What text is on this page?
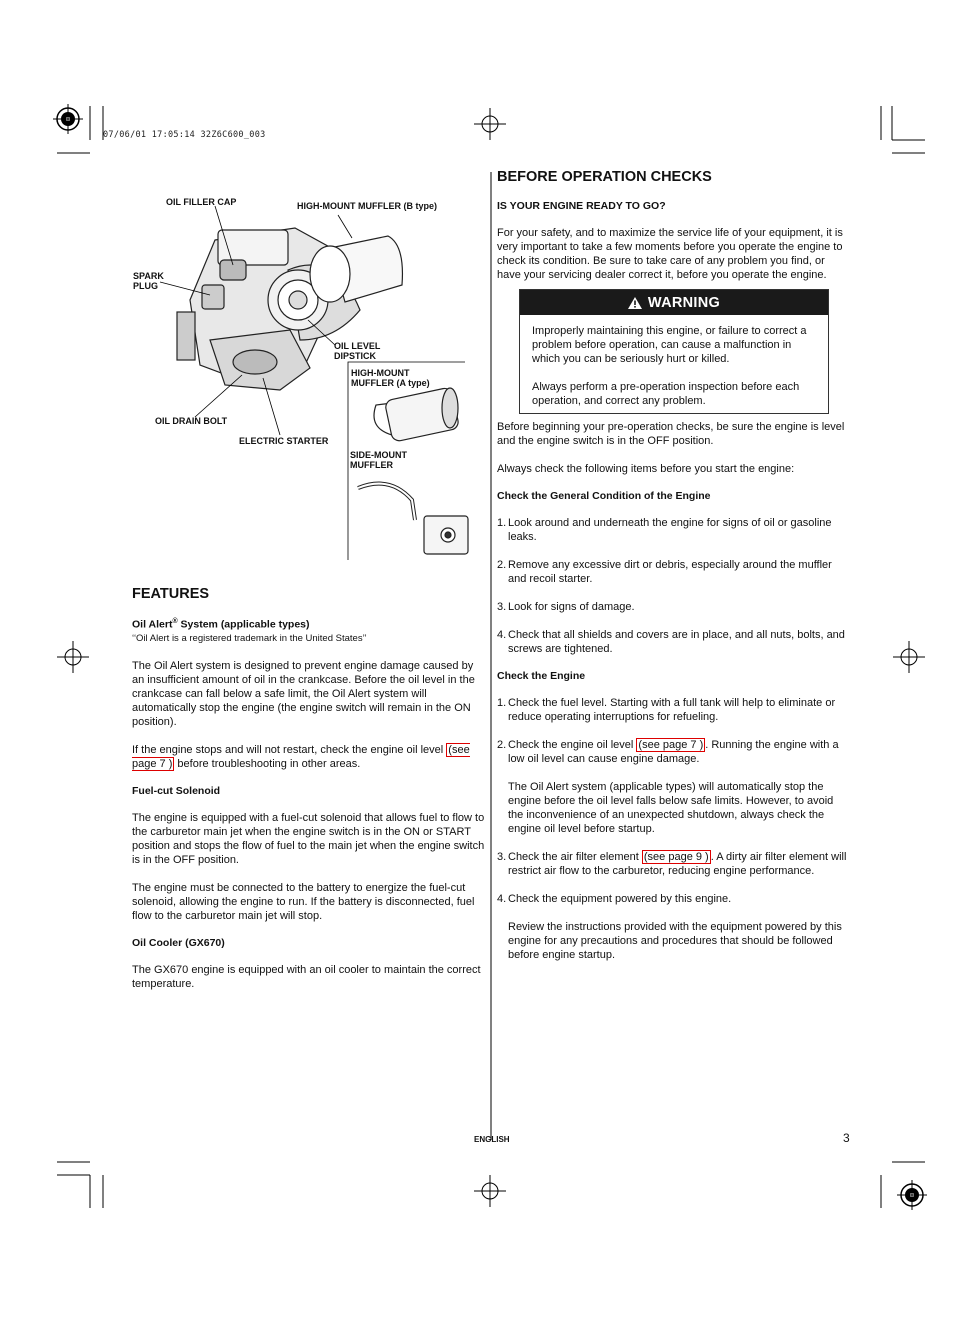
07/06/01 17:05:14 32Z6C600_003
OIL FILLER CAP	HIGH-MOUNT MUFFLER (B type)
SPARK
PLUG
OIL LEVEL
DIPSTICK
HIGH-MOUNT
MUFFLER (A type)
OIL DRAIN BOLT
ELECTRIC STARTER
SIDE-MOUNT
MUFFLER
FEATURES
Oil Alert® System (applicable types)
‘‘Oil Alert is a registered trademark in the United States’’
The Oil Alert system is designed to prevent engine damage caused by an insufficient amount of oil in the crankcase. Before the oil level in the crankcase can fall below a safe limit, the Oil Alert system will automatically stop the engine (the engine switch will remain in the ON position).
If the engine stops and will not restart, check the engine oil level (see page 7 ) before troubleshooting in other areas.
Fuel-cut Solenoid
The engine is equipped with a fuel-cut solenoid that allows fuel to flow to the carburetor main jet when the engine switch is in the ON or START position and stops the flow of fuel to the main jet when the engine switch is in the OFF position.
The engine must be connected to the battery to energize the fuel-cut solenoid, allowing the engine to run. If the battery is disconnected, fuel flow to the carburetor main jet will stop.
Oil Cooler (GX670)
The GX670 engine is equipped with an oil cooler to maintain the correct temperature.
BEFORE OPERATION CHECKS
IS YOUR ENGINE READY TO GO?
For your safety, and to maximize the service life of your equipment, it is very important to take a few moments before you operate the engine to check its condition. Be sure to take care of any problem you find, or have your servicing dealer correct it, before you operate the engine.
WARNING
Improperly maintaining this engine, or failure to correct a problem before operation, can cause a malfunction in which you can be seriously hurt or killed.
Always perform a pre-operation inspection before each operation, and correct any problem.
Before beginning your pre-operation checks, be sure the engine is level and the engine switch is in the OFF position.
Always check the following items before you start the engine:
Check the General Condition of the Engine
1. Look around and underneath the engine for signs of oil or gasoline leaks.
2. Remove any excessive dirt or debris, especially around the muffler and recoil starter.
3. Look for signs of damage.
4. Check that all shields and covers are in place, and all nuts, bolts, and screws are tightened.
Check the Engine
1. Check the fuel level. Starting with a full tank will help to eliminate or reduce operating interruptions for refueling.
2. Check the engine oil level (see page 7 ) . Running the engine with a low oil level can cause engine damage.
The Oil Alert system (applicable types) will automatically stop the engine before the oil level falls below safe limits. However, to avoid the inconvenience of an unexpected shutdown, always check the engine oil level before startup.
3. Check the air filter element (see page 9 ) . A dirty air filter element will restrict air flow to the carburetor, reducing engine performance.
4. Check the equipment powered by this engine.
Review the instructions provided with the equipment powered by this engine for any precautions and procedures that should be followed before engine startup.
ENGLISH	3
